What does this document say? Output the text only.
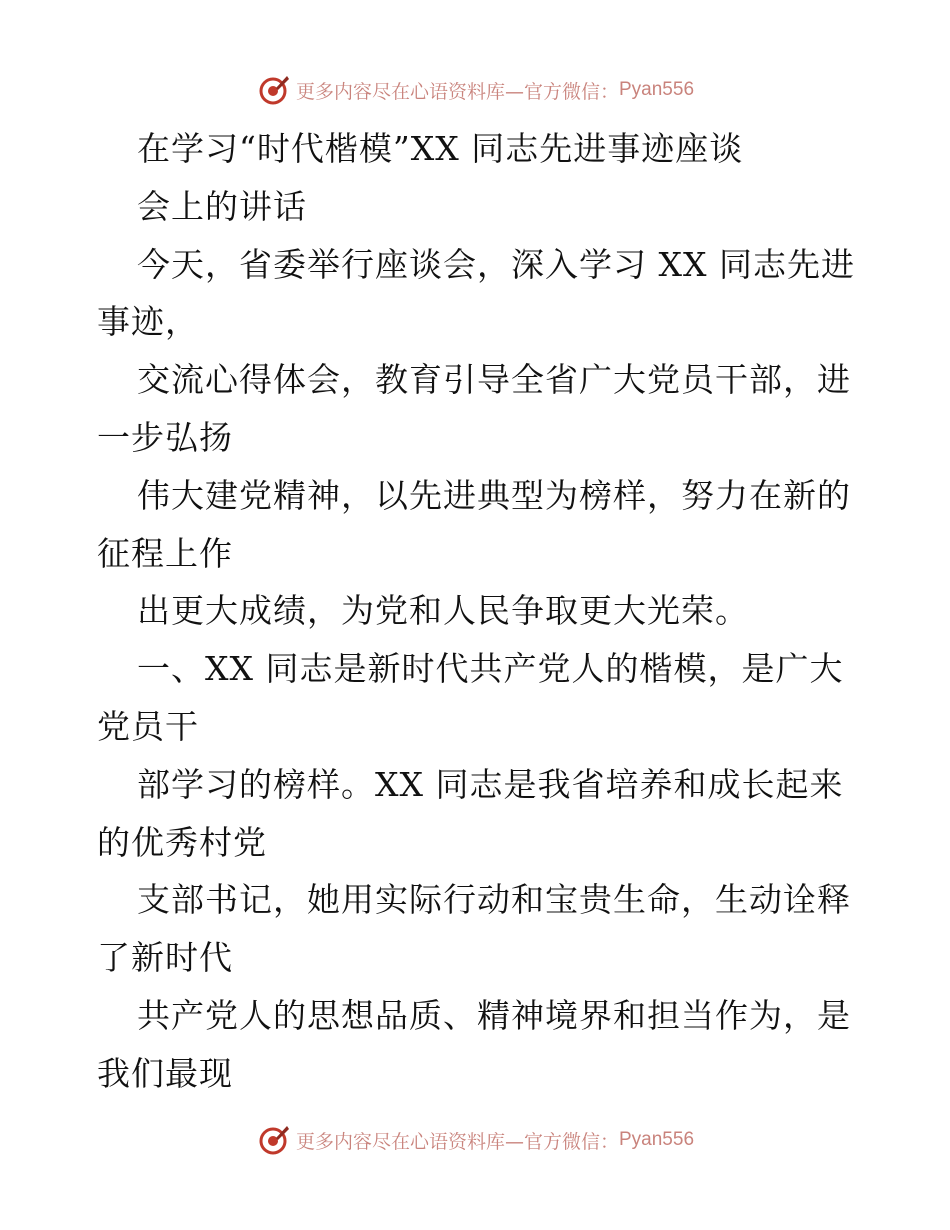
更多内容尽在心语资料库—官方微信： Pyan556
在学习“时代楷模”XX 同志先进事迹座谈
会上的讲话
今天，省委举行座谈会，深入学习 XX 同志先进
事迹，
交流心得体会，教育引导全省广大党员干部，进
一步弘扬
伟大建党精神，以先进典型为榜样，努力在新的
征程上作
出更大成绩，为党和人民争取更大光荣。
一、XX 同志是新时代共产党人的楷模，是广大
党员干
部学习的榜样。XX 同志是我省培养和成长起来
的优秀村党
支部书记，她用实际行动和宝贵生命，生动诠释
了新时代
共产党人的思想品质、精神境界和担当作为，是
我们最现
更多内容尽在心语资料库—官方微信： Pyan556
